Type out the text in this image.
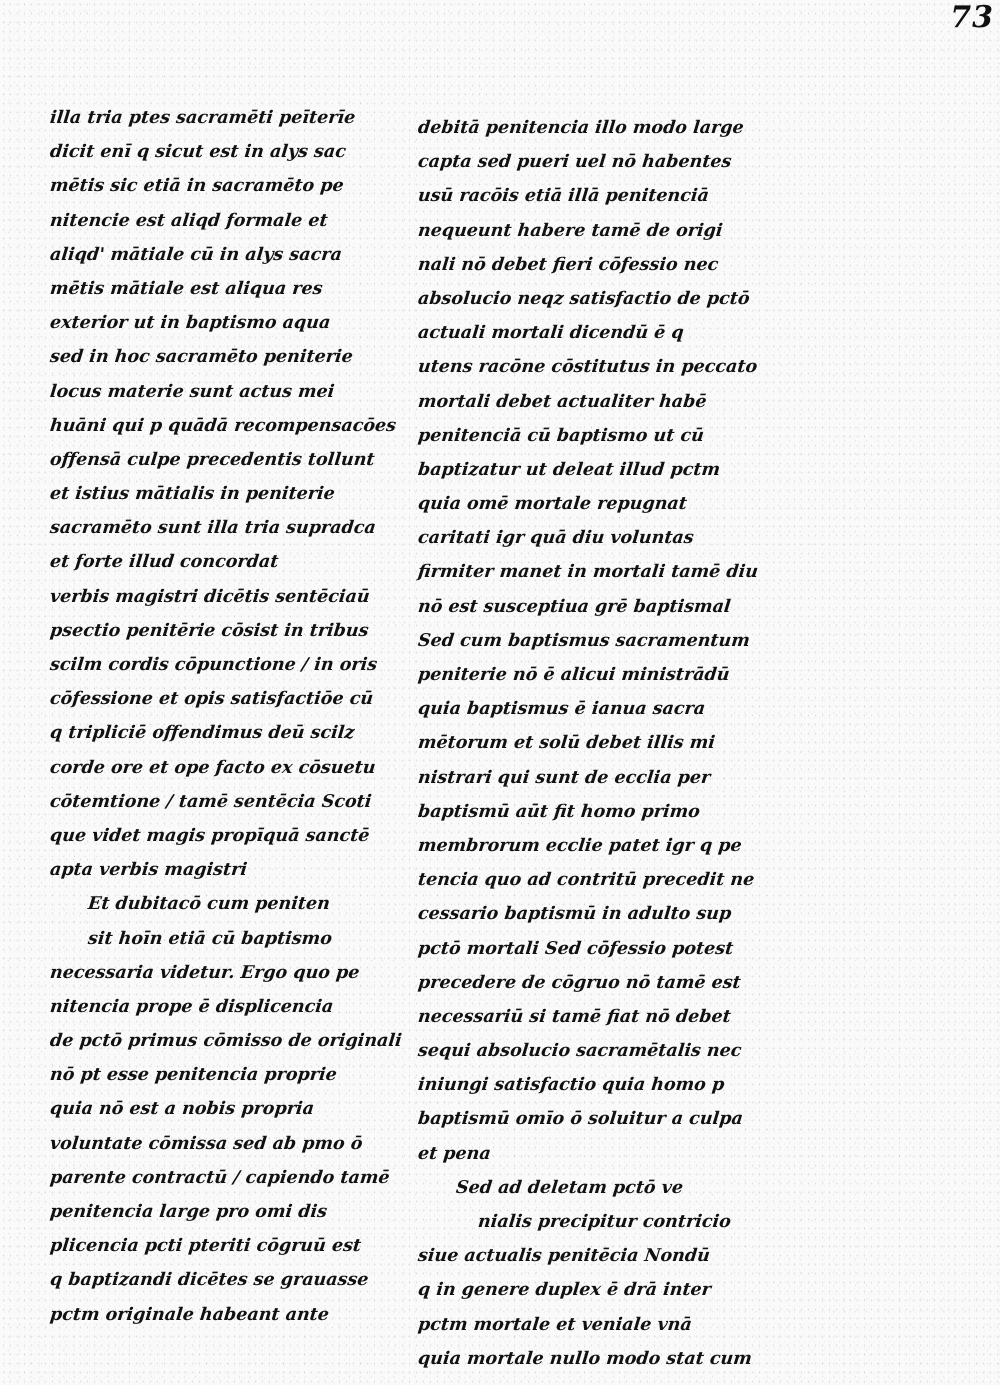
73
illa tria ptes sacramēti peīterīe
dicit enī q sicut est in alys sac
mētis sic etiā in sacramēto pe
nitencie est aliqd formale et
aliqd' mātiale cū in alys sacra
mētis mātiale est aliqua res
exterior ut in baptismo aqua
sed in hoc sacramēto peniterie
locus materie sunt actus mei
huāni qui p quādā recompensacōes
offensā culpe precedentis tollunt
et istius mātialis in peniterie
sacramēto sunt illa tria supradca
et forte illud concordat
verbis magistri dicētis sentēciaū
psectio penitērie cōsist in tribus
scilm cordis cōpunctione / in oris
cōfessione et opis satisfactiōe cū
q tripliciē offendimus deū scilz
corde ore et ope facto ex cōsuetu
cōtemtione / tamē sentēcia Scoti
que videt magis propīquā sanctē
apta verbis magistri
Et dubitacō cum peniten
sit hoīn etiā cū baptismo
necessaria videtur. Ergo quo pe
nitencia prope ē displicencia
de pctō primus cōmisso de originali
nō pt esse penitencia proprie
quia nō est a nobis propria
voluntate cōmissa sed ab pmo ō
parente contractū / capiendo tamē
penitencia large pro omi dis
plicencia pcti pteriti cōgruū est
q baptizandi dicētes se grauasse
pctm originale habeant ante
debitā penitencia illo modo large
capta sed pueri uel nō habentes
usū racōis etiā illā penitenciā
nequeunt habere tamē de origi
nali nō debet fieri cōfessio nec
absolucio neqz satisfactio de pctō
actuali mortali dicendū ē q
utens racōne cōstitutus in peccato
mortali debet actualiter habē
penitenciā cū baptismo ut cū
baptizatur ut deleat illud pctm
quia omē mortale repugnat
caritati igr quā diu voluntas
firmiter manet in mortali tamē diu
nō est susceptiua grē baptismal
Sed cum baptismus sacramentum
peniterie nō ē alicui ministrādū
quia baptismus ē ianua sacra
mētorum et solū debet illis mi
nistrari qui sunt de ecclia per
baptismū aūt fit homo primo
membrorum ecclie patet igr q pe
tencia quo ad contritū precedit ne
cessario baptismū in adulto sup
pctō mortali Sed cōfessio potest
precedere de cōgruo nō tamē est
necessariū si tamē fiat nō debet
sequi absolucio sacramētalis nec
iniungi satisfactio quia homo p
baptismū omīo ō soluitur a culpa
et pena
Sed ad deletam pctō ve
nialis precipitur contricio
siue actualis penitēcia Nondū
q in genere duplex ē drā inter
pctm mortale et veniale vnā
quia mortale nullo modo stat cum
